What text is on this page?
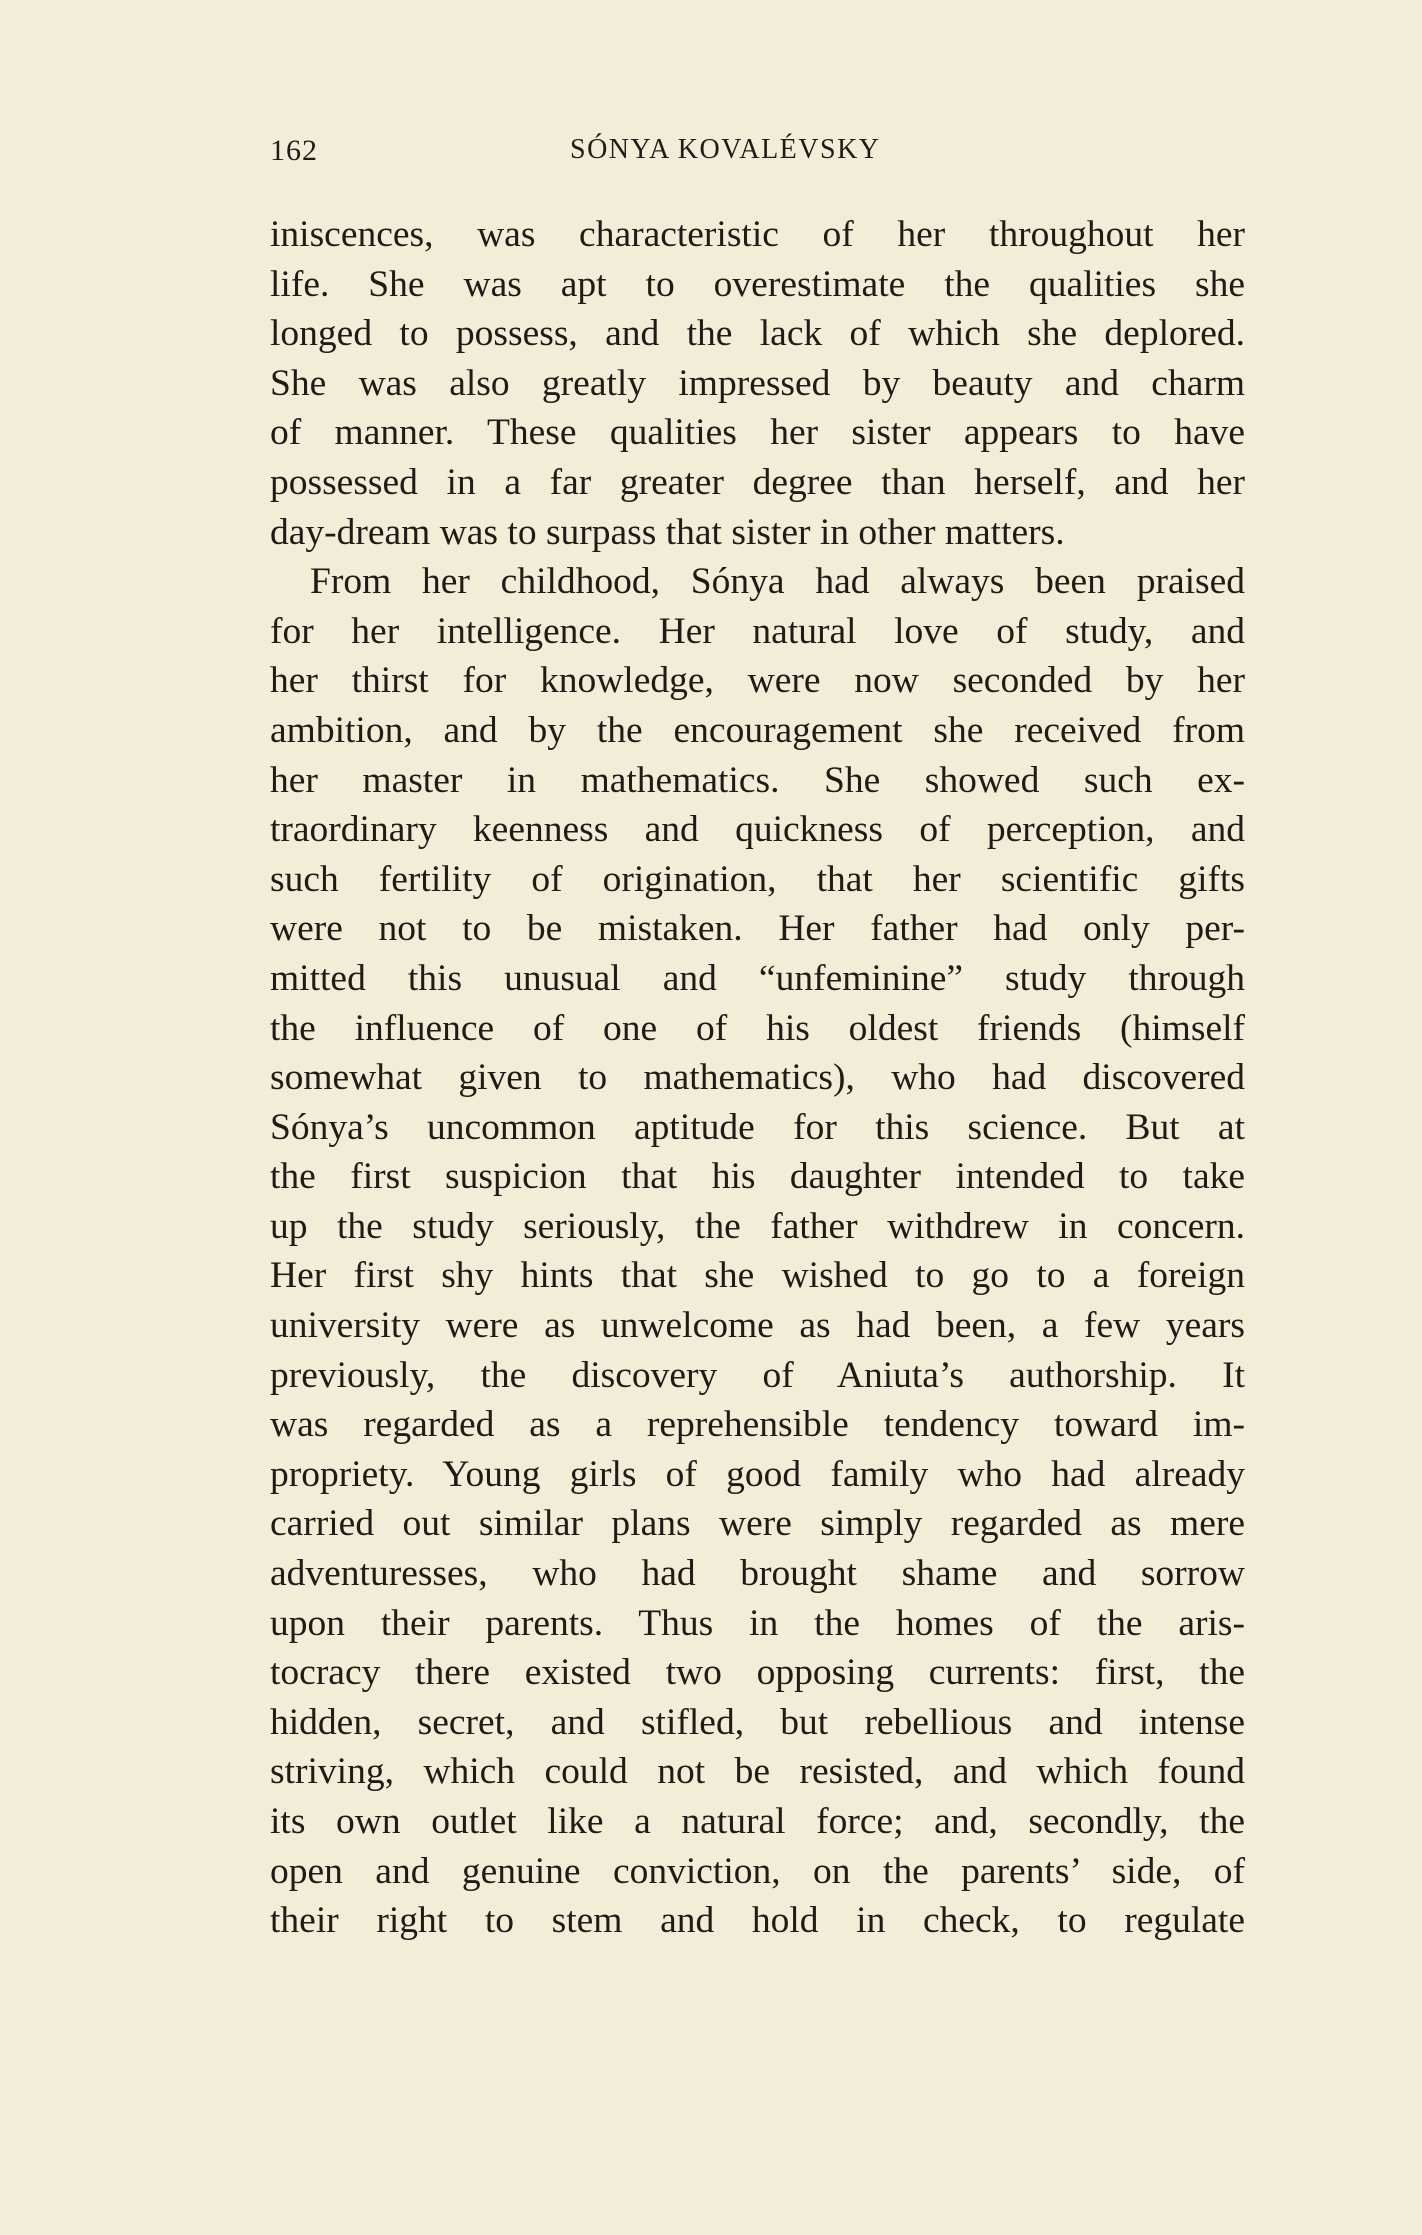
162	SÓNYA KOVALÉVSKY
iniscences, was characteristic of her throughout her
life. She was apt to overestimate the qualities she
longed to possess, and the lack of which she deplored.
She was also greatly impressed by beauty and charm
of manner. These qualities her sister appears to have
possessed in a far greater degree than herself, and her
day-dream was to surpass that sister in other matters.
From her childhood, Sónya had always been praised
for her intelligence. Her natural love of study, and
her thirst for knowledge, were now seconded by her
ambition, and by the encouragement she received from
her master in mathematics. She showed such ex-
traordinary keenness and quickness of perception, and
such fertility of origination, that her scientific gifts
were not to be mistaken. Her father had only per-
mitted this unusual and “unfeminine” study through
the influence of one of his oldest friends (himself
somewhat given to mathematics), who had discovered
Sónya’s uncommon aptitude for this science. But at
the first suspicion that his daughter intended to take
up the study seriously, the father withdrew in concern.
Her first shy hints that she wished to go to a foreign
university were as unwelcome as had been, a few years
previously, the discovery of Aniuta’s authorship. It
was regarded as a reprehensible tendency toward im-
propriety. Young girls of good family who had already
carried out similar plans were simply regarded as mere
adventuresses, who had brought shame and sorrow
upon their parents. Thus in the homes of the aris-
tocracy there existed two opposing currents: first, the
hidden, secret, and stifled, but rebellious and intense
striving, which could not be resisted, and which found
its own outlet like a natural force; and, secondly, the
open and genuine conviction, on the parents’ side, of
their right to stem and hold in check, to regulate
